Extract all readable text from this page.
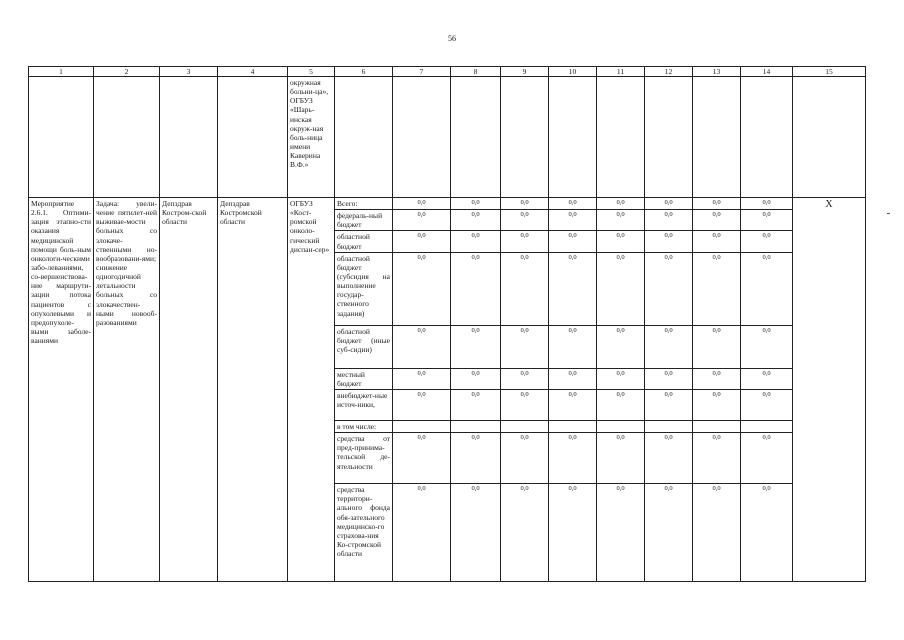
56
1	2	3	4	5	6	7	8	9	10	11	12	13	14	15
				окружная больни-ца», ОГБУЗ «Шарь-инская окруж-ная боль-ница имени Каверина В.Ф.»										
Мероприятие 2.6.1. Оптими-зация этапно-сти оказания медицинской помощи боль-ным онкологи-ческими забо-леваниями, со-вершенствова-ние маршрути-зации потока пациентов с опухолевыми и предопухоле-выми заболе-ваниями	Задача: увели-чение пятилет-ней выживае-мости больных со злокаче-ственными но-вообразовани-ями; снижение одногодичной летальности больных со злокачествен-ными новооб-разованиями	Депздрав Костром-ской области	Депздрав Костромской области	ОГБУЗ «Кост-ромской онколо-гический диспан-сер»	Всего:	0,0	0,0	0,0	0,0	0,0	0,0	0,0	0,0	X
					федераль-ный бюджет	0,0	0,0	0,0	0,0	0,0	0,0	0,0	0,0	
					областной бюджет	0,0	0,0	0,0	0,0	0,0	0,0	0,0	0,0	
					областной бюджет (субсидия на выполнение государ-ственного задания)	0,0	0,0	0,0	0,0	0,0	0,0	0,0	0,0	
					областной бюджет (иные суб-сидии)	0,0	0,0	0,0	0,0	0,0	0,0	0,0	0,0	
					местный бюджет	0,0	0,0	0,0	0,0	0,0	0,0	0,0	0,0	
					внебюджет-ные источ-ники,	0,0	0,0	0,0	0,0	0,0	0,0	0,0	0,0	
					в том числе:									
					средства от пред-принима-тельской де-ятельности	0,0	0,0	0,0	0,0	0,0	0,0	0,0	0,0	
					средства территори-ального фонда обя-зательного медицинско-го страхова-ния Ко-стромской области	0,0	0,0	0,0	0,0	0,0	0,0	0,0	0,0	
